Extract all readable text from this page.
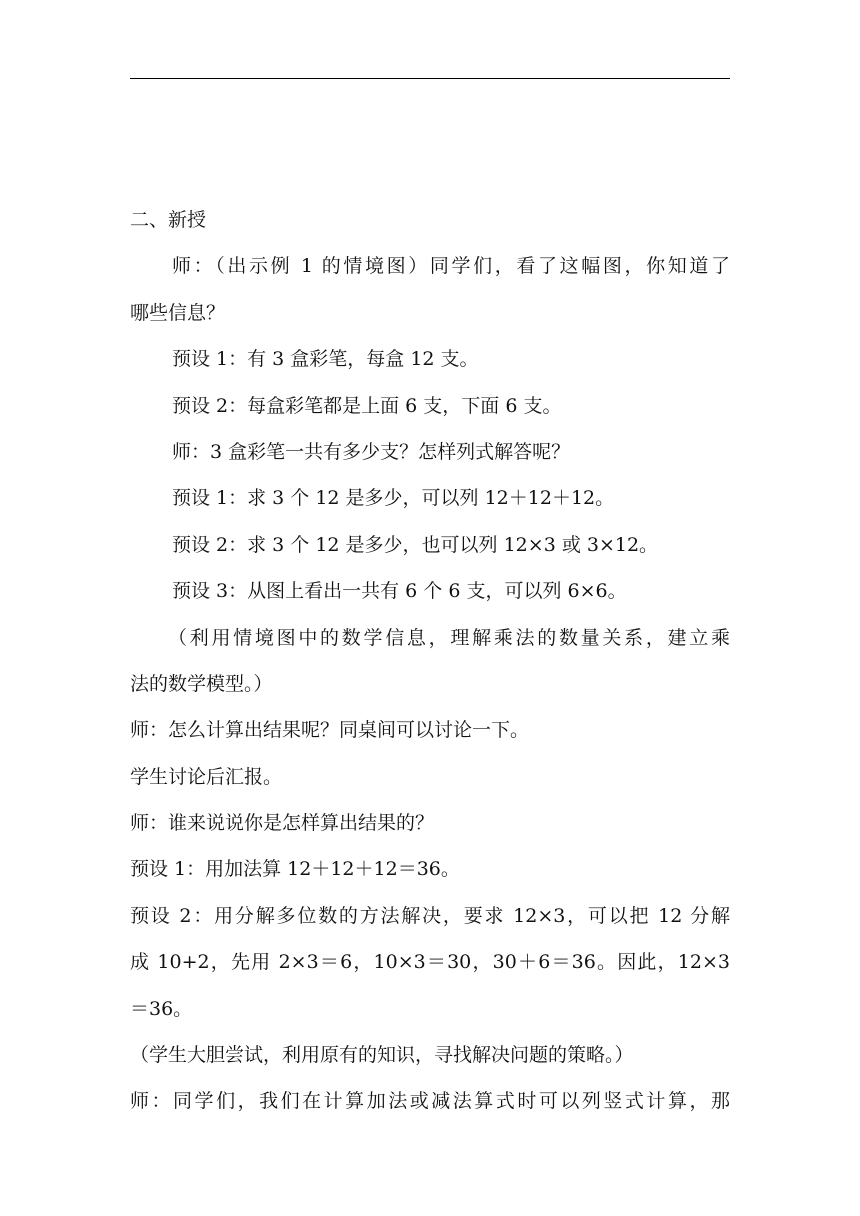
二、新授

师：（出示例 1 的情境图）同学们，看了这幅图，你知道了

哪些信息？

预设 1：有 3 盒彩笔，每盒 12 支。

预设 2：每盒彩笔都是上面 6 支，下面 6 支。

师：3 盒彩笔一共有多少支？怎样列式解答呢？

预设 1：求 3 个 12 是多少，可以列 12＋12＋12。

预设 2：求 3 个 12 是多少，也可以列 12×3 或 3×12。

预设 3：从图上看出一共有 6 个 6 支，可以列 6×6。

（利用情境图中的数学信息，理解乘法的数量关系，建立乘

法的数学模型。）

师：怎么计算出结果呢？同桌间可以讨论一下。

学生讨论后汇报。

师：谁来说说你是怎样算出结果的？

预设 1：用加法算 12＋12＋12＝36。

预设 2：用分解多位数的方法解决，要求 12×3，可以把 12 分解

成 10+2，先用 2×3＝6，10×3＝30，30＋6＝36。因此，12×3

＝36。

（学生大胆尝试，利用原有的知识，寻找解决问题的策略。）

师：同学们，我们在计算加法或减法算式时可以列竖式计算，那
